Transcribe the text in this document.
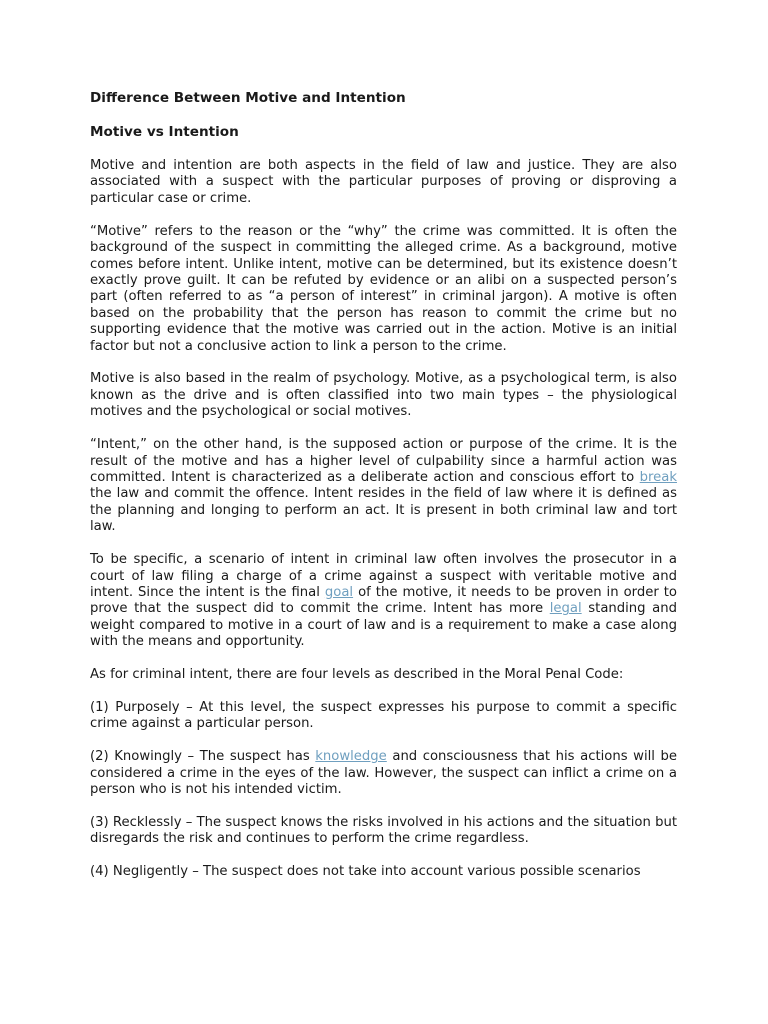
Difference Between Motive and Intention
Motive vs Intention

Motive and intention are both aspects in the field of law and justice. They are also associated with a suspect with the particular purposes of proving or disproving a particular case or crime.

“Motive” refers to the reason or the “why” the crime was committed. It is often the background of the suspect in committing the alleged crime. As a background, motive comes before intent. Unlike intent, motive can be determined, but its existence doesn’t exactly prove guilt. It can be refuted by evidence or an alibi on a suspected person’s part (often referred to as “a person of interest” in criminal jargon). A motive is often based on the probability that the person has reason to commit the crime but no supporting evidence that the motive was carried out in the action. Motive is an initial factor but not a conclusive action to link a person to the crime.

Motive is also based in the realm of psychology. Motive, as a psychological term, is also known as the drive and is often classified into two main types – the physiological motives and the psychological or social motives.

“Intent,” on the other hand, is the supposed action or purpose of the crime. It is the result of the motive and has a higher level of culpability since a harmful action was committed. Intent is characterized as a deliberate action and conscious effort to break the law and commit the offence. Intent resides in the field of law where it is defined as the planning and longing to perform an act. It is present in both criminal law and tort law.

To be specific, a scenario of intent in criminal law often involves the prosecutor in a court of law filing a charge of a crime against a suspect with veritable motive and intent. Since the intent is the final goal of the motive, it needs to be proven in order to prove that the suspect did to commit the crime. Intent has more legal standing and weight compared to motive in a court of law and is a requirement to make a case along with the means and opportunity.

As for criminal intent, there are four levels as described in the Moral Penal Code:

(1) Purposely – At this level, the suspect expresses his purpose to commit a specific crime against a particular person.

(2) Knowingly – The suspect has knowledge and consciousness that his actions will be considered a crime in the eyes of the law. However, the suspect can inflict a crime on a person who is not his intended victim.

(3) Recklessly – The suspect knows the risks involved in his actions and the situation but disregards the risk and continues to perform the crime regardless.

(4) Negligently – The suspect does not take into account various possible scenarios
